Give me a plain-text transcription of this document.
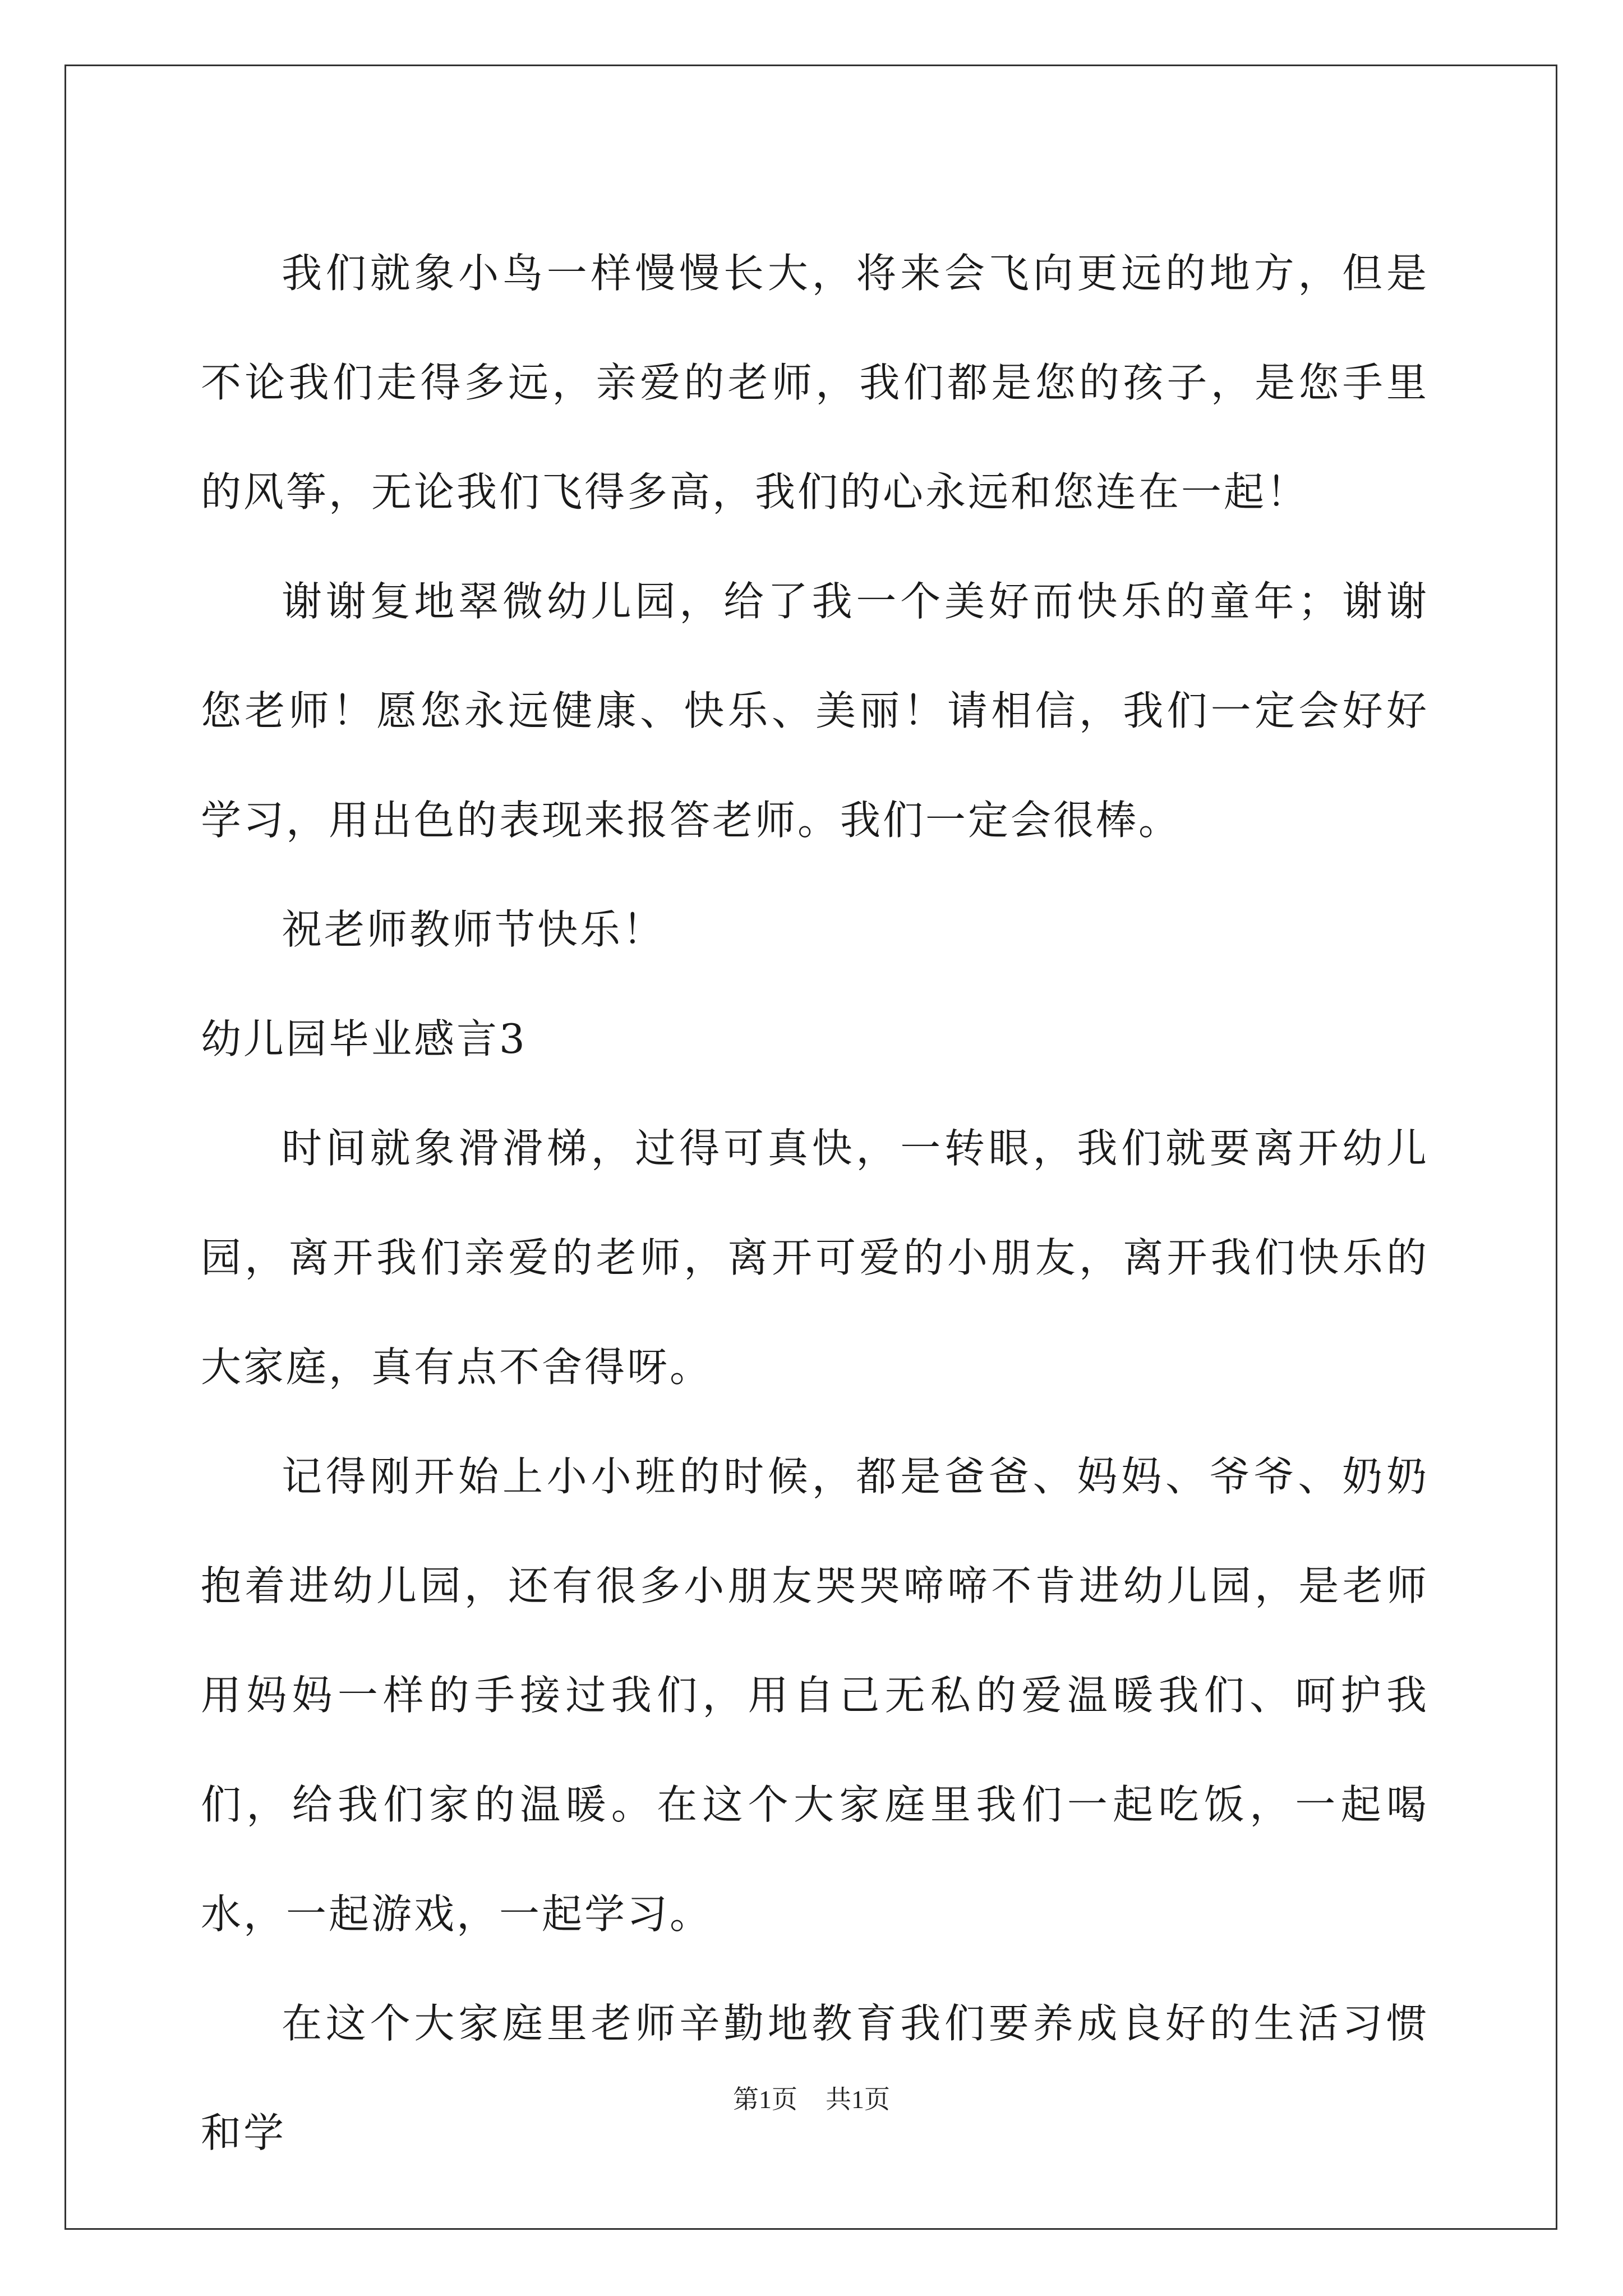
我们就象小鸟一样慢慢长大，将来会飞向更远的地方，但是不论我们走得多远，亲爱的老师，我们都是您的孩子，是您手里的风筝，无论我们飞得多高，我们的心永远和您连在一起！

谢谢复地翠微幼儿园，给了我一个美好而快乐的童年；谢谢您老师！愿您永远健康、快乐、美丽！请相信，我们一定会好好学习，用出色的表现来报答老师。我们一定会很棒。

祝老师教师节快乐！

幼儿园毕业感言3

时间就象滑滑梯，过得可真快，一转眼，我们就要离开幼儿园，离开我们亲爱的老师，离开可爱的小朋友，离开我们快乐的大家庭，真有点不舍得呀。

记得刚开始上小小班的时候，都是爸爸、妈妈、爷爷、奶奶抱着进幼儿园，还有很多小朋友哭哭啼啼不肯进幼儿园，是老师用妈妈一样的手接过我们，用自己无私的爱温暖我们、呵护我们，给我们家的温暖。在这个大家庭里我们一起吃饭，一起喝水，一起游戏，一起学习。

在这个大家庭里老师辛勤地教育我们要养成良好的生活习惯和学

第1页 共1页
